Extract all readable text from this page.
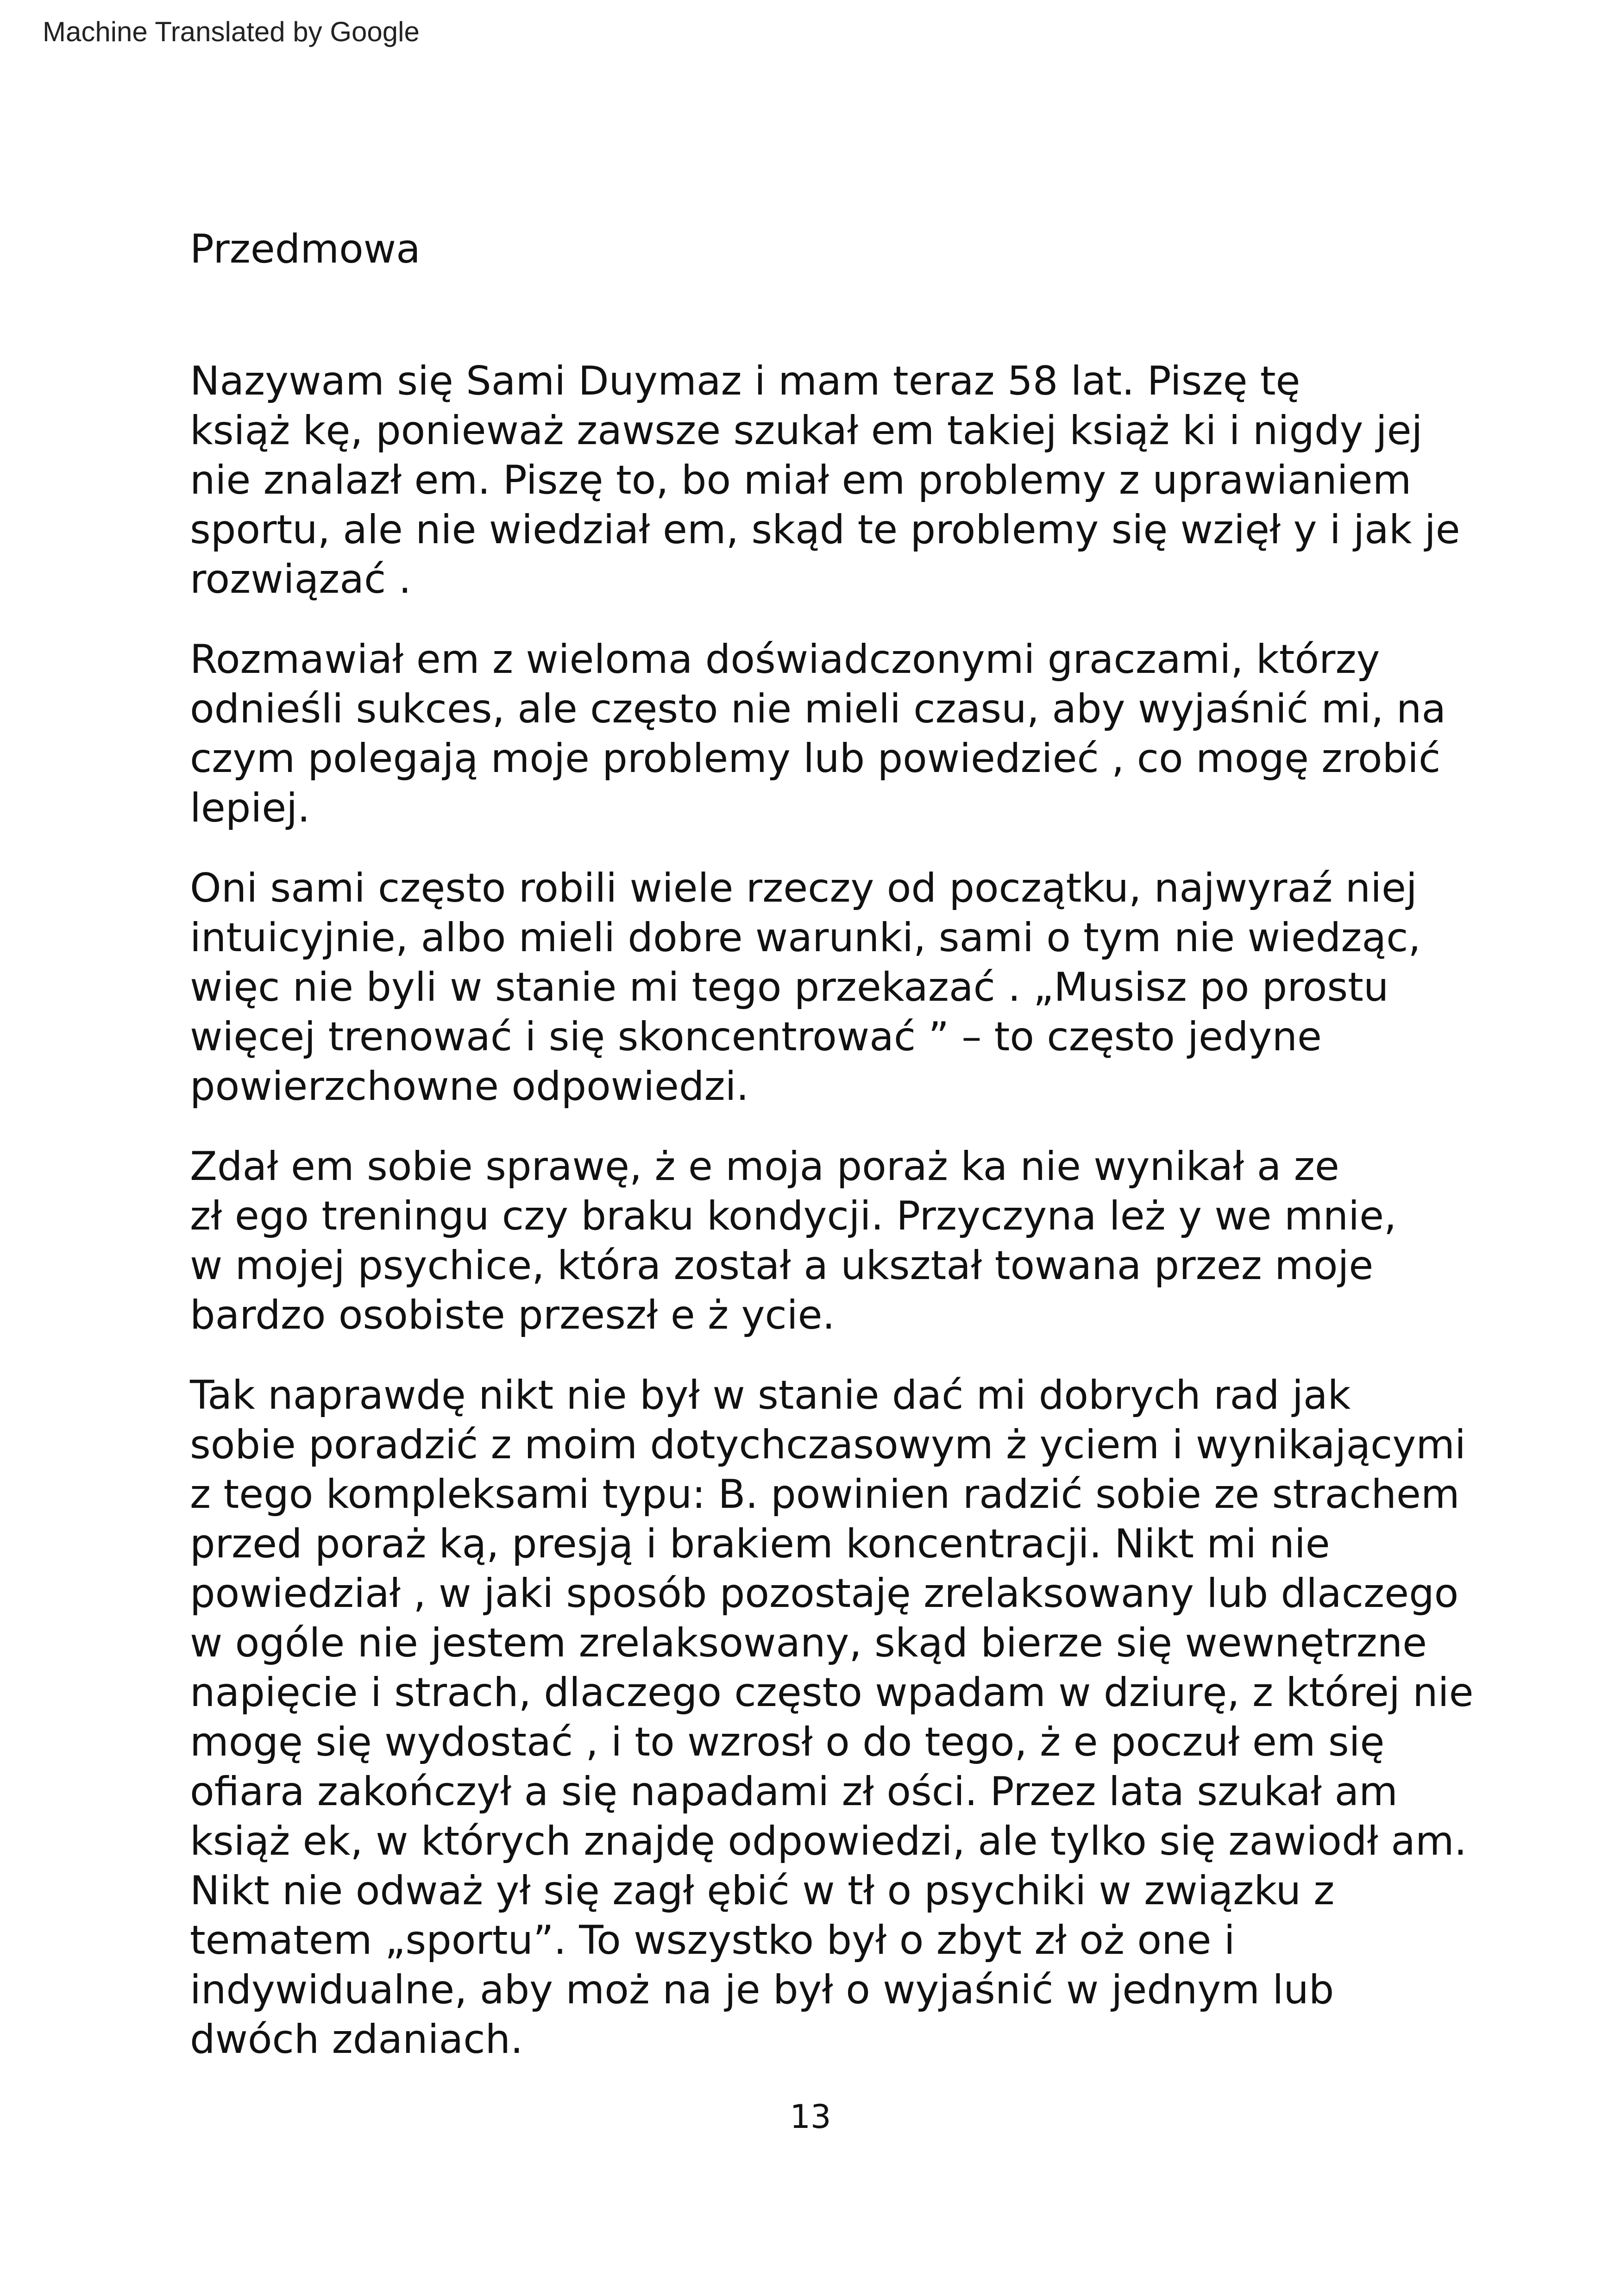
Machine Translated by Google
Przedmowa

Nazywam się Sami Duymaz i mam teraz 58 lat. Piszę tę
książ kę, ponieważ zawsze szukał em takiej książ ki i nigdy jej
nie znalazł em. Piszę to, bo miał em problemy z uprawianiem
sportu, ale nie wiedział em, skąd te problemy się wzięł y i jak je
rozwiązać .

Rozmawiał em z wieloma doświadczonymi graczami, którzy
odnieśli sukces, ale często nie mieli czasu, aby wyjaśnić mi, na
czym polegają moje problemy lub powiedzieć , co mogę zrobić
lepiej.

Oni sami często robili wiele rzeczy od początku, najwyraź niej
intuicyjnie, albo mieli dobre warunki, sami o tym nie wiedząc,
więc nie byli w stanie mi tego przekazać . „Musisz po prostu
więcej trenować i się skoncentrować ” – to często jedyne
powierzchowne odpowiedzi.

Zdał em sobie sprawę, ż e moja poraż ka nie wynikał a ze
zł ego treningu czy braku kondycji. Przyczyna leż y we mnie,
w mojej psychice, która został a ukształ towana przez moje
bardzo osobiste przeszł e ż ycie.

Tak naprawdę nikt nie był w stanie dać mi dobrych rad jak
sobie poradzić z moim dotychczasowym ż yciem i wynikającymi
z tego kompleksami typu: B. powinien radzić sobie ze strachem
przed poraż ką, presją i brakiem koncentracji. Nikt mi nie
powiedział , w jaki sposób pozostaję zrelaksowany lub dlaczego
w ogóle nie jestem zrelaksowany, skąd bierze się wewnętrzne
napięcie i strach, dlaczego często wpadam w dziurę, z której nie
mogę się wydostać , i to wzrosł o do tego, ż e poczuł em się
ofiara zakończył a się napadami zł ości. Przez lata szukał am
książ ek, w których znajdę odpowiedzi, ale tylko się zawiodł am.
Nikt nie odważ ył się zagł ębić w tł o psychiki w związku z
tematem „sportu”. To wszystko był o zbyt zł oż one i
indywidualne, aby moż na je był o wyjaśnić w jednym lub
dwóch zdaniach.

13
